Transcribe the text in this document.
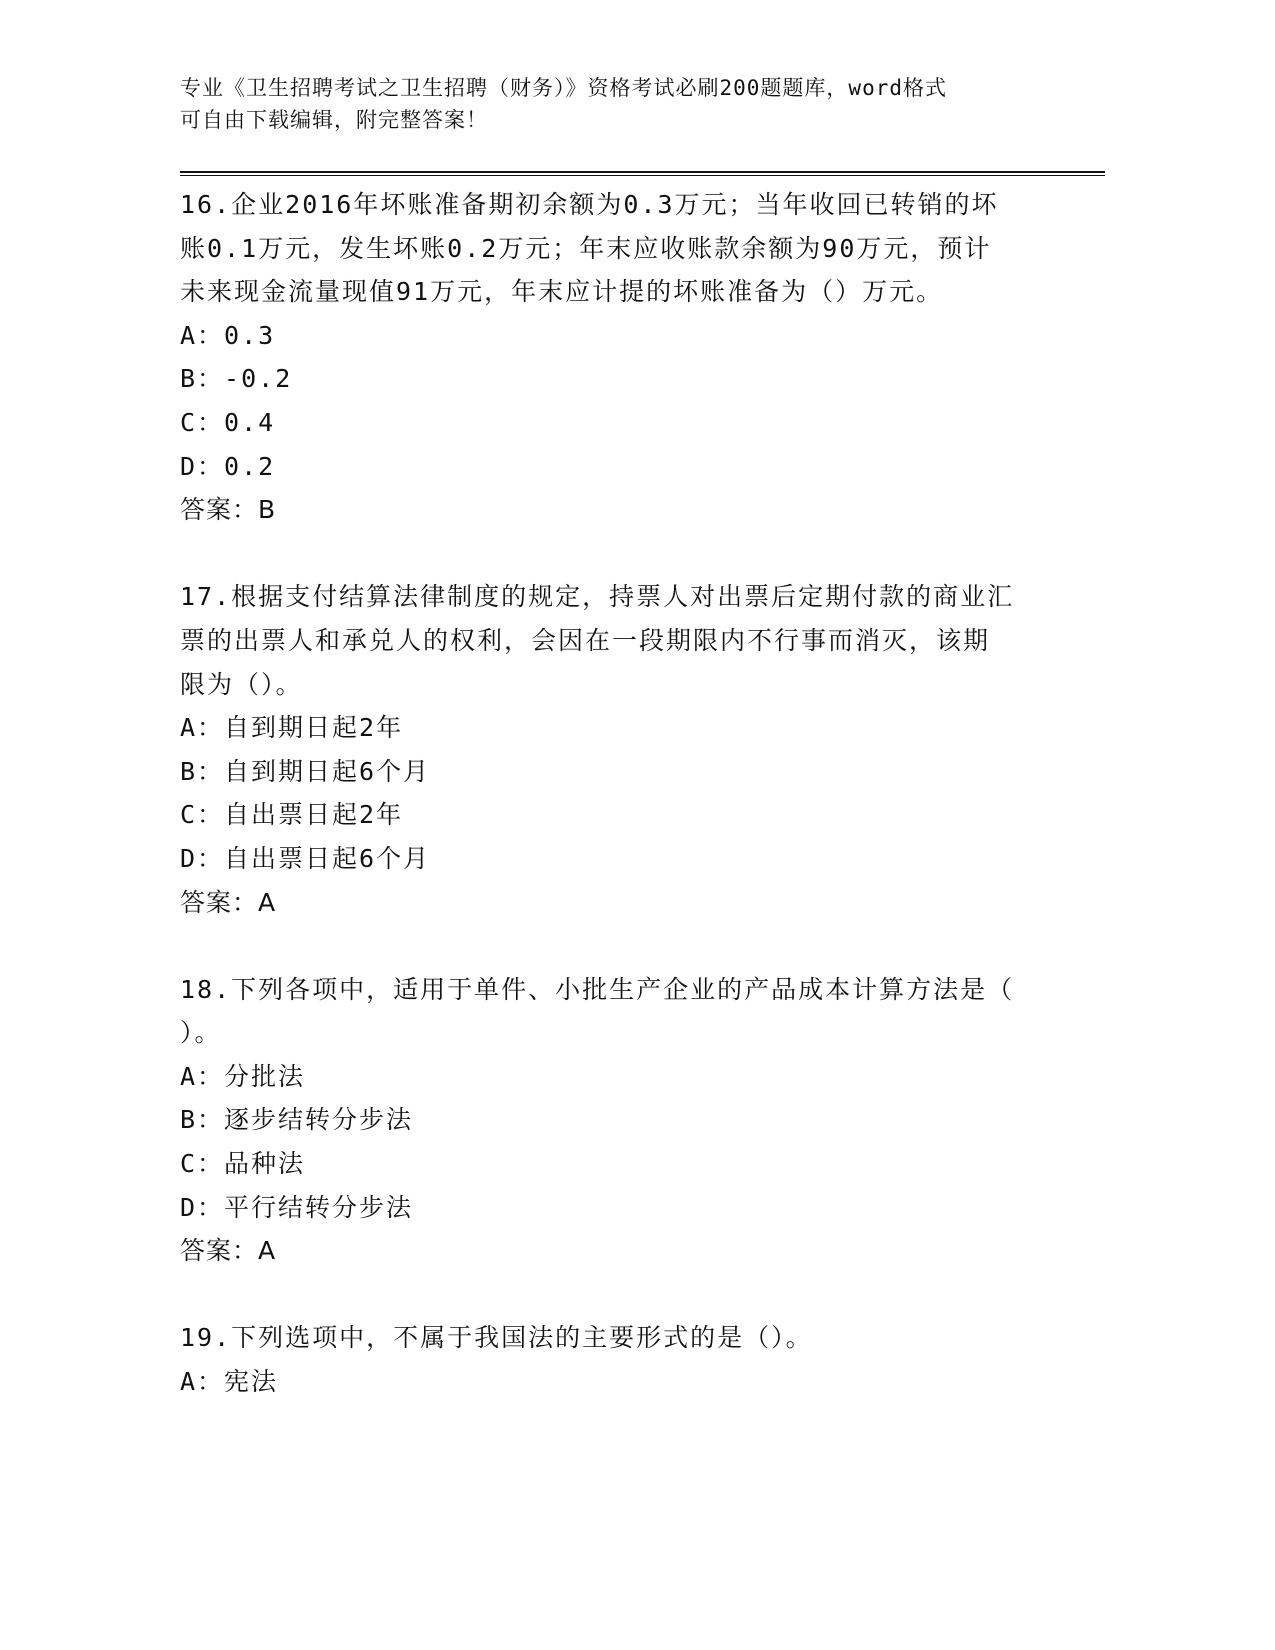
专业《卫生招聘考试之卫生招聘（财务）》资格考试必刷200题题库，word格式
可自由下载编辑，附完整答案！
16.企业2016年坏账准备期初余额为0.3万元；当年收回已转销的坏
账0.1万元，发生坏账0.2万元；年末应收账款余额为90万元，预计
未来现金流量现值91万元，年末应计提的坏账准备为（）万元。
A：0.3
B：-0.2
C：0.4
D：0.2
答案：B
17.根据支付结算法律制度的规定，持票人对出票后定期付款的商业汇
票的出票人和承兑人的权利，会因在一段期限内不行事而消灭，该期
限为（）。
A：自到期日起2年
B：自到期日起6个月
C：自出票日起2年
D：自出票日起6个月
答案：A
18.下列各项中，适用于单件、小批生产企业的产品成本计算方法是（
）。
A：分批法
B：逐步结转分步法
C：品种法
D：平行结转分步法
答案：A
19.下列选项中，不属于我国法的主要形式的是（）。
A：宪法
